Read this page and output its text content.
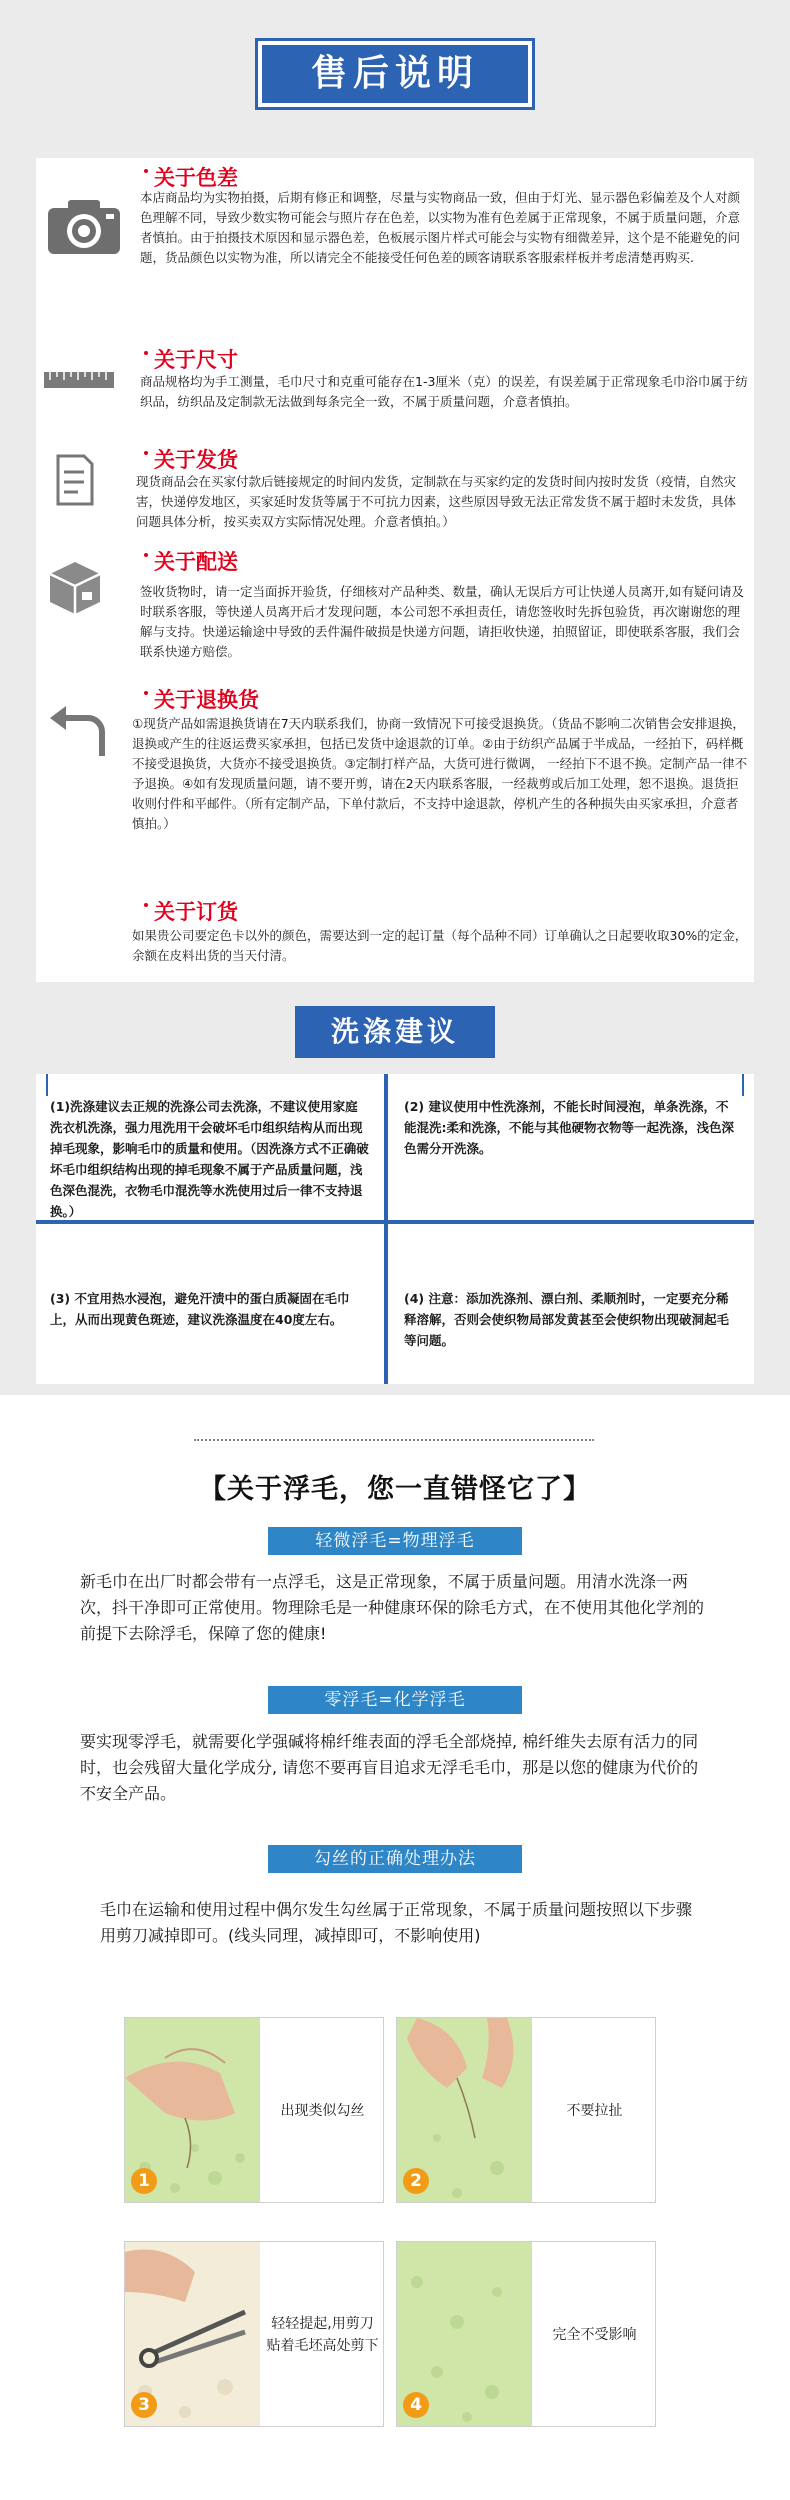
售后说明
关于色差
本店商品均为实物拍摄，后期有修正和调整，尽量与实物商品一致，但由于灯光、显示器色彩偏差及个人对颜色理解不同，导致少数实物可能会与照片存在色差，以实物为准有色差属于正常现象，不属于质量问题，介意者慎拍。由于拍摄技术原因和显示器色差，色板展示图片样式可能会与实物有细微差异，这个是不能避免的问题，货品颜色以实物为准，所以请完全不能接受任何色差的顾客请联系客服索样板并考虑清楚再购买.
关于尺寸
商品规格均为手工测量，毛巾尺寸和克重可能存在1-3厘米（克）的误差，有误差属于正常现象毛巾浴巾属于纺织品，纺织品及定制款无法做到每条完全一致，不属于质量问题，介意者慎拍。
关于发货
现货商品会在买家付款后链接规定的时间内发货，定制款在与买家约定的发货时间内按时发货（疫情，自然灾害，快递停发地区，买家延时发货等属于不可抗力因素，这些原因导致无法正常发货不属于超时未发货，具体问题具体分析，按买卖双方实际情况处理。介意者慎拍。）
关于配送
签收货物时，请一定当面拆开验货，仔细核对产品种类、数量，确认无误后方可让快递人员离开,如有疑问请及时联系客服，等快递人员离开后才发现问题，本公司恕不承担责任，请您签收时先拆包验货，再次谢谢您的理解与支持。快递运输途中导致的丢件漏件破损是快递方问题，请拒收快递，拍照留证，即使联系客服，我们会联系快递方赔偿。
关于退换货
①现货产品如需退换货请在7天内联系我们，协商一致情况下可接受退换货。（货品不影响二次销售会安排退换，退换或产生的往返运费买家承担，包括已发货中途退款的订单。②由于纺织产品属于半成品，一经拍下，码样概不接受退换货，大货亦不接受退换货。③定制打样产品，大货可进行微调， 一经拍下不退不换。定制产品一律不予退换。④如有发现质量问题，请不要开剪，请在2天内联系客服，一经裁剪或后加工处理，恕不退换。退货拒收则付件和平邮件。（所有定制产品，下单付款后，不支持中途退款，停机产生的各种损失由买家承担，介意者慎拍。）
关于订货
如果贵公司要定色卡以外的颜色，需要达到一定的起订量（每个品种不同）订单确认之日起要收取30%的定金，余额在皮料出货的当天付清。
洗涤建议
(1)洗涤建议去正规的洗涤公司去洗涤，不建议使用家庭洗衣机洗涤，强力甩洗用干会破坏毛巾组织结构从而出现掉毛现象，影响毛巾的质量和使用。（因洗涤方式不正确破坏毛巾组织结构出现的掉毛现象不属于产品质量问题，浅色深色混洗，衣物毛巾混洗等水洗使用过后一律不支持退换。）
(2) 建议使用中性洗涤剂，不能长时间浸泡，单条洗涤，不能混洗:柔和洗涤，不能与其他硬物衣物等一起洗涤，浅色深色需分开洗涤。
(3) 不宜用热水浸泡，避免汗渍中的蛋白质凝固在毛巾上，从而出现黄色斑迹，建议洗涤温度在40度左右。
(4) 注意：添加洗涤剂、漂白剂、柔顺剂时，一定要充分稀释溶解，否则会使织物局部发黄甚至会使织物出现破洞起毛等问题。
【关于浮毛，您一直错怪它了】
轻微浮毛=物理浮毛
新毛巾在出厂时都会带有一点浮毛，这是正常现象，不属于质量问题。用清水洗涤一两次，抖干净即可正常使用。物理除毛是一种健康环保的除毛方式，在不使用其他化学剂的前提下去除浮毛，保障了您的健康!
零浮毛=化学浮毛
要实现零浮毛，就需要化学强碱将棉纤维表面的浮毛全部烧掉, 棉纤维失去原有活力的同时，也会残留大量化学成分, 请您不要再盲目追求无浮毛毛巾，那是以您的健康为代价的不安全产品。
勾丝的正确处理办法
毛巾在运输和使用过程中偶尔发生勾丝属于正常现象，不属于质量问题按照以下步骤用剪刀减掉即可。(线头同理，减掉即可，不影响使用)
出现类似勾丝
1
不要拉扯
2
轻轻提起,用剪刀贴着毛坯高处剪下
3
完全不受影响
4
